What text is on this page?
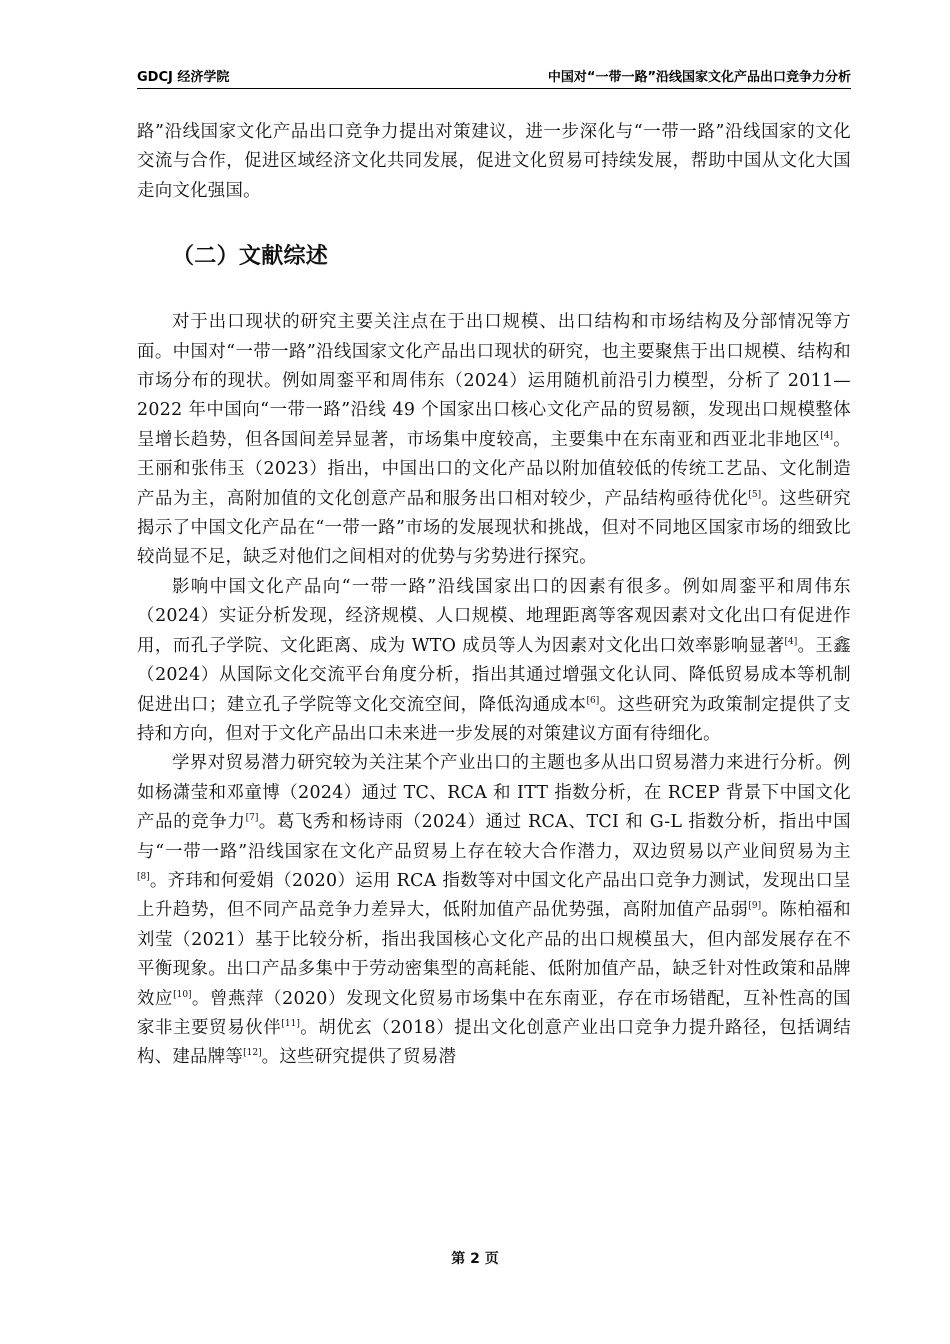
GDCJ 经济学院	中国对“一带一路”沿线国家文化产品出口竞争力分析

路”沿线国家文化产品出口竞争力提出对策建议，进一步深化与“一带一路”沿线国家的文化交流与合作，促进区域经济文化共同发展，促进文化贸易可持续发展，帮助中国从文化大国走向文化强国。

（二）文献综述

对于出口现状的研究主要关注点在于出口规模、出口结构和市场结构及分部情况等方面。中国对“一带一路”沿线国家文化产品出口现状的研究，也主要聚焦于出口规模、结构和市场分布的现状。例如周銮平和周伟东（2024）运用随机前沿引力模型，分析了 2011—2022 年中国向“一带一路”沿线 49 个国家出口核心文化产品的贸易额，发现出口规模整体呈增长趋势，但各国间差异显著，市场集中度较高，主要集中在东南亚和西亚北非地区[4]。王丽和张伟玉（2023）指出，中国出口的文化产品以附加值较低的传统工艺品、文化制造产品为主，高附加值的文化创意产品和服务出口相对较少，产品结构亟待优化[5]。这些研究揭示了中国文化产品在“一带一路”市场的发展现状和挑战，但对不同地区国家市场的细致比较尚显不足，缺乏对他们之间相对的优势与劣势进行探究。

影响中国文化产品向“一带一路”沿线国家出口的因素有很多。例如周銮平和周伟东（2024）实证分析发现，经济规模、人口规模、地理距离等客观因素对文化出口有促进作用，而孔子学院、文化距离、成为 WTO 成员等人为因素对文化出口效率影响显著[4]。王鑫（2024）从国际文化交流平台角度分析，指出其通过增强文化认同、降低贸易成本等机制促进出口；建立孔子学院等文化交流空间，降低沟通成本[6]。这些研究为政策制定提供了支持和方向，但对于文化产品出口未来进一步发展的对策建议方面有待细化。

学界对贸易潜力研究较为关注某个产业出口的主题也多从出口贸易潜力来进行分析。例如杨潇莹和邓童博（2024）通过 TC、RCA 和 ITT 指数分析，在 RCEP 背景下中国文化产品的竞争力[7]。葛飞秀和杨诗雨（2024）通过 RCA、TCI 和 G-L 指数分析，指出中国与“一带一路”沿线国家在文化产品贸易上存在较大合作潜力，双边贸易以产业间贸易为主[8]。齐玮和何爱娟（2020）运用 RCA 指数等对中国文化产品出口竞争力测试，发现出口呈上升趋势，但不同产品竞争力差异大，低附加值产品优势强，高附加值产品弱[9]。陈柏福和刘莹（2021）基于比较分析，指出我国核心文化产品的出口规模虽大，但内部发展存在不平衡现象。出口产品多集中于劳动密集型的高耗能、低附加值产品，缺乏针对性政策和品牌效应[10]。曾燕萍（2020）发现文化贸易市场集中在东南亚，存在市场错配，互补性高的国家非主要贸易伙伴[11]。胡优玄（2018）提出文化创意产业出口竞争力提升路径，包括调结构、建品牌等[12]。这些研究提供了贸易潜

第 2 页
